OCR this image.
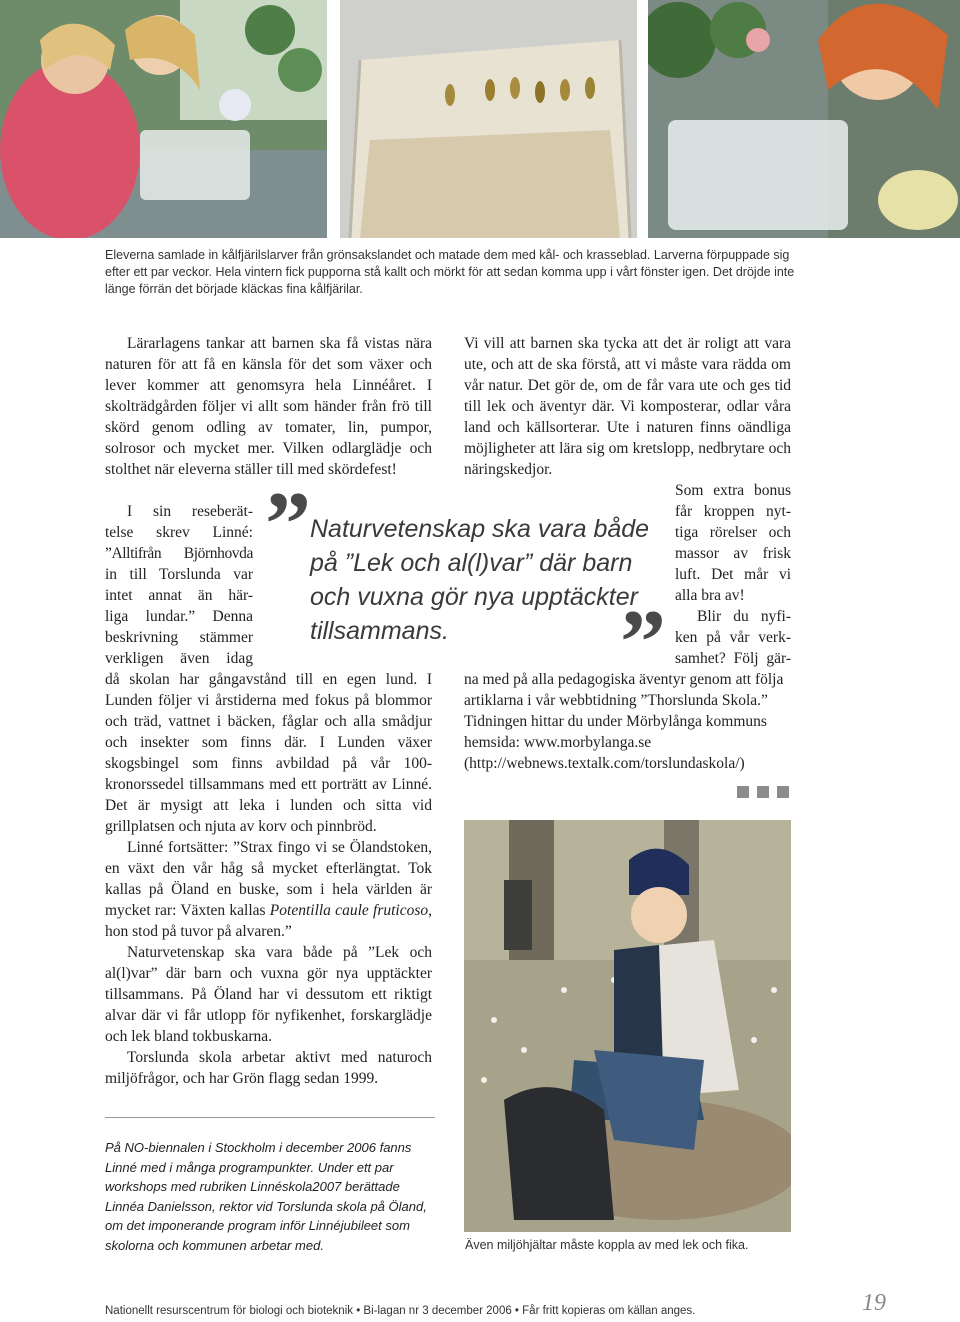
Eleverna samlade in kålfjärilslarver från grönsakslandet och matade dem med kål- och krasseblad. Larverna förpuppade sig efter ett par veckor. Hela vintern fick pupporna stå kallt och mörkt för att sedan komma upp i vårt fönster igen. Det dröjde inte länge förrän det började kläckas fina kålfjärilar.

Lärarlagens tankar att barnen ska få vistas nära naturen för att få en känsla för det som växer och lever kommer att genomsyra hela Linnéåret. I skolträdgården följer vi allt som händer från frö till skörd genom odling av tomater, lin, pumpor, solrosor och mycket mer. Vilken odlarglädje och stolthet när eleverna ställer till med skördefest!

I sin reseberät-

telse skrev Linné:

”Alltifrån Björnhovda

in till Torslunda var

intet annat än här-

liga lundar.” Denna

beskrivning stämmer

verkligen även idag

då skolan har gångavstånd till en egen lund. I Lunden följer vi årstiderna med fokus på blommor och träd, vattnet i bäcken, fåglar och alla smådjur och insekter som finns där. I Lunden växer skogsbingel som finns avbildad på vår 100-kronorssedel tillsammans med ett porträtt av Linné. Det är mysigt att leka i lunden och sitta vid grillplatsen och njuta av korv och pinnbröd.

Linné fortsätter: ”Strax fingo vi se Ölandstoken, en växt den vår håg så mycket efterlängtat. Tok kallas på Öland en buske, som i hela världen är mycket rar: Växten kallas Potentilla caule fruticoso, hon stod på tuvor på alvaren.”

Naturvetenskap ska vara både på ”Lek och al(l)var” där barn och vuxna gör nya upptäckter tillsammans. På Öland har vi dessutom ett riktigt alvar där vi får utlopp för nyfikenhet, forskarglädje och lek bland tokbuskarna.

Torslunda skola arbetar aktivt med naturoch miljöfrågor, och har Grön flagg sedan 1999.

” Naturvetenskap ska vara både på ”Lek och al(l)var” där barn och vuxna gör nya upptäckter tillsammans.	”

Vi vill att barnen ska tycka att det är roligt att vara ute, och att de ska förstå, att vi måste vara rädda om vår natur. Det gör de, om de får vara ute och ges tid till lek och äventyr där. Vi komposterar, odlar våra land och källsorterar. Ute i naturen finns oändliga möjligheter att lära sig om kretslopp, nedbrytare och näringskedjor.

Som extra bonus

får kroppen nyt-

tiga rörelser och

massor av frisk

luft. Det mår vi

alla bra av!

Blir du nyfi-

ken på vår verk-

samhet? Följ gär-

na med på alla pedagogiska äventyr genom att följa artiklarna i vår webbtidning ”Thorslunda Skola.” Tidningen hittar du under Mörbylånga kommuns hemsida: www.morbylanga.se (http://webnews.textalk.com/torslundaskola/)

Även miljöhjältar måste koppla av med lek och fika.
På NO-biennalen i Stockholm i december 2006 fanns Linné med i många programpunkter. Under ett par workshops med rubriken Linnéskola2007 berättade Linnéa Danielsson, rektor vid Torslunda skola på Öland, om det imponerande program inför Linnéjubileet som skolorna och kommunen arbetar med.
Nationellt resurscentrum för biologi och bioteknik • Bi-lagan nr 3 december 2006 • Får fritt kopieras om källan anges.	19
